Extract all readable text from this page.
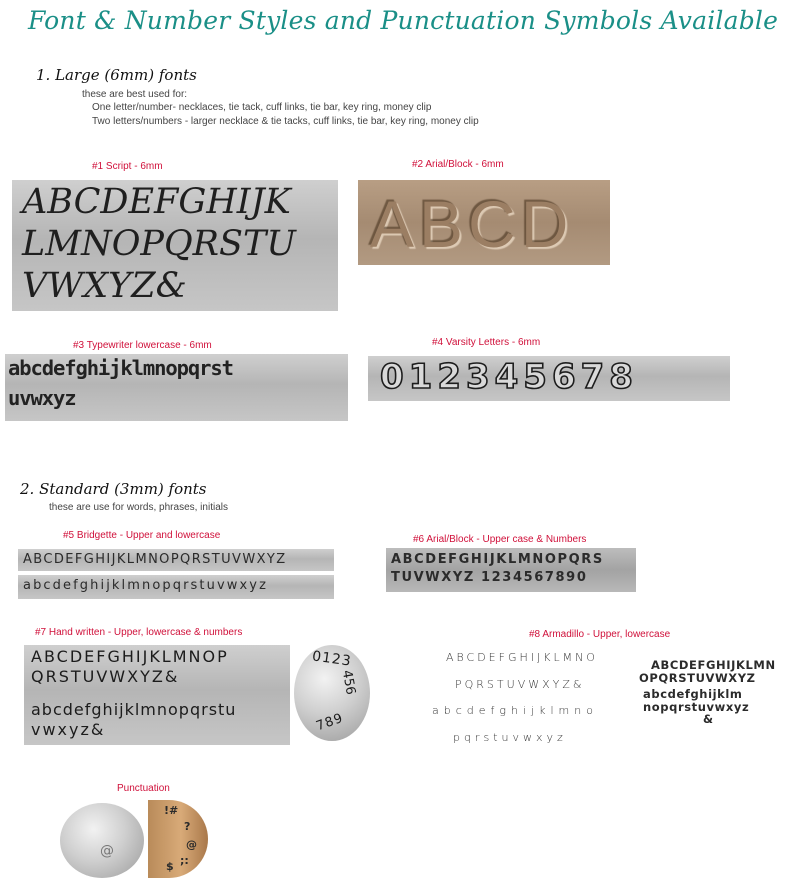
Font & Number Styles and Punctuation Symbols Available
1. Large (6mm) fonts
these are best used for:
One letter/number- necklaces, tie tack, cuff links, tie bar, key ring, money clip
Two letters/numbers - larger necklace & tie tacks, cuff links, tie bar, key ring, money clip
#1 Script - 6mm
ABCDEFGHIJK
LMNOPQRSTU
VWXYZ&
#2 Arial/Block - 6mm
ABCD
#3 Typewriter lowercase - 6mm
abcdefghijklmnopqrst
uvwxyz
#4 Varsity Letters - 6mm
012345678
2. Standard (3mm) fonts
these are use for words, phrases, initials
#5 Bridgette - Upper and lowercase
ABCDEFGHIJKLMNOPQRSTUVWXYZ
abcdefghijklmnopqrstuvwxyz
#6 Arial/Block - Upper case & Numbers
ABCDEFGHIJKLMNOPQRS
TUVWXYZ 1234567890
#7 Hand written - Upper, lowercase & numbers
ABCDEFGHIJKLMNOP
QRSTUVWXYZ&
abcdefghijklmnopqrstu
vwxyz&
0123
456
789
#8 Armadillo - Upper, lowercase
ABCDEFGHIJKLMNO
PQRSTUVWXYZ&
abcdefghijklmno
pqrstuvwxyz
ABCDEFGHIJKLMN
OPQRSTUVWXYZ
abcdefghijklm
nopqrstuvwxyz
&
Punctuation
@
!#
?
@
;:
$
